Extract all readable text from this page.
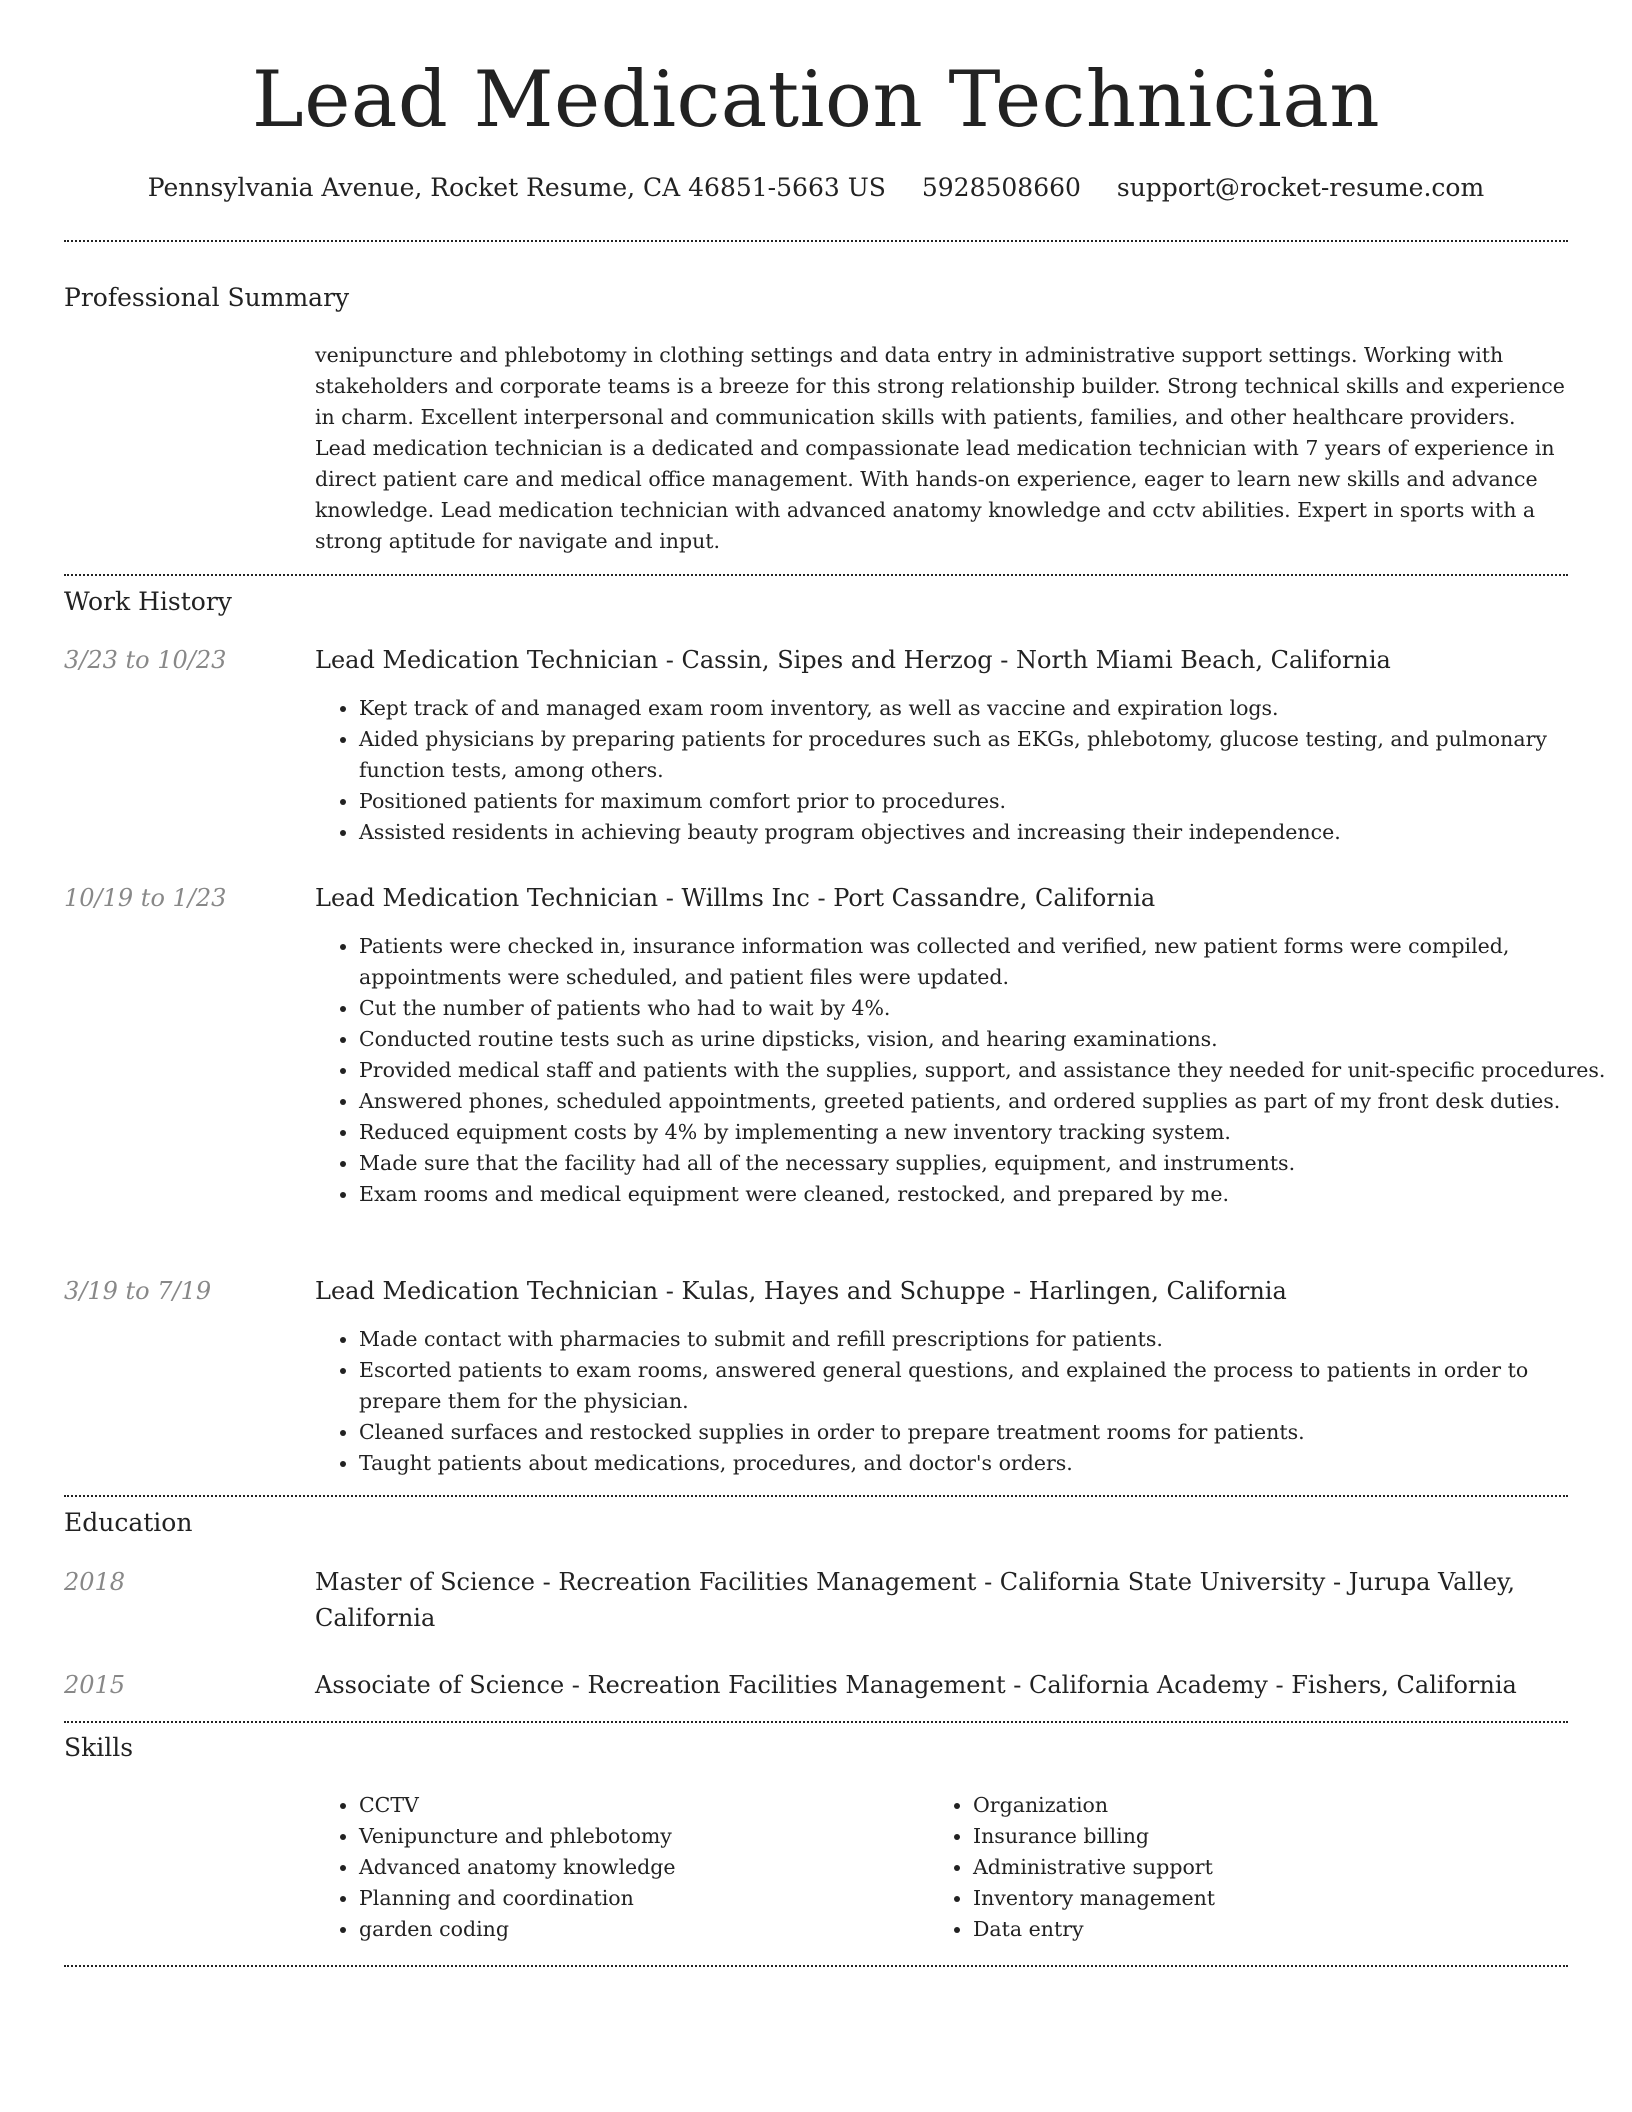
Lead Medication Technician
Pennsylvania Avenue, Rocket Resume, CA 46851-5663 US 5928508660 support@rocket-resume.com
Professional Summary

venipuncture and phlebotomy in clothing settings and data entry in administrative support settings. Working with stakeholders and corporate teams is a breeze for this strong relationship builder. Strong technical skills and experience in charm. Excellent interpersonal and communication skills with patients, families, and other healthcare providers. Lead medication technician is a dedicated and compassionate lead medication technician with 7 years of experience in direct patient care and medical office management. With hands-on experience, eager to learn new skills and advance knowledge. Lead medication technician with advanced anatomy knowledge and cctv abilities. Expert in sports with a strong aptitude for navigate and input.

Work History
3/23 to 10/23	Lead Medication Technician - Cassin, Sipes and Herzog - North Miami Beach, California
• Kept track of and managed exam room inventory, as well as vaccine and expiration logs.
• Aided physicians by preparing patients for procedures such as EKGs, phlebotomy, glucose testing, and pulmonary function tests, among others.
• Positioned patients for maximum comfort prior to procedures.
• Assisted residents in achieving beauty program objectives and increasing their independence.
10/19 to 1/23	Lead Medication Technician - Willms Inc - Port Cassandre, California
• Patients were checked in, insurance information was collected and verified, new patient forms were compiled, appointments were scheduled, and patient files were updated.
• Cut the number of patients who had to wait by 4%.
• Conducted routine tests such as urine dipsticks, vision, and hearing examinations.
• Provided medical staff and patients with the supplies, support, and assistance they needed for unit-specific procedures.
• Answered phones, scheduled appointments, greeted patients, and ordered supplies as part of my front desk duties.
• Reduced equipment costs by 4% by implementing a new inventory tracking system.
• Made sure that the facility had all of the necessary supplies, equipment, and instruments.
• Exam rooms and medical equipment were cleaned, restocked, and prepared by me.
3/19 to 7/19	Lead Medication Technician - Kulas, Hayes and Schuppe - Harlingen, California
• Made contact with pharmacies to submit and refill prescriptions for patients.
• Escorted patients to exam rooms, answered general questions, and explained the process to patients in order to prepare them for the physician.
• Cleaned surfaces and restocked supplies in order to prepare treatment rooms for patients.
• Taught patients about medications, procedures, and doctor's orders.
Education
2018	Master of Science - Recreation Facilities Management - California State University - Jurupa Valley, California
2015	Associate of Science - Recreation Facilities Management - California Academy - Fishers, California
Skills
• CCTV
• Venipuncture and phlebotomy
• Advanced anatomy knowledge
• Planning and coordination
• garden coding
• Organization
• Insurance billing
• Administrative support
• Inventory management
• Data entry
